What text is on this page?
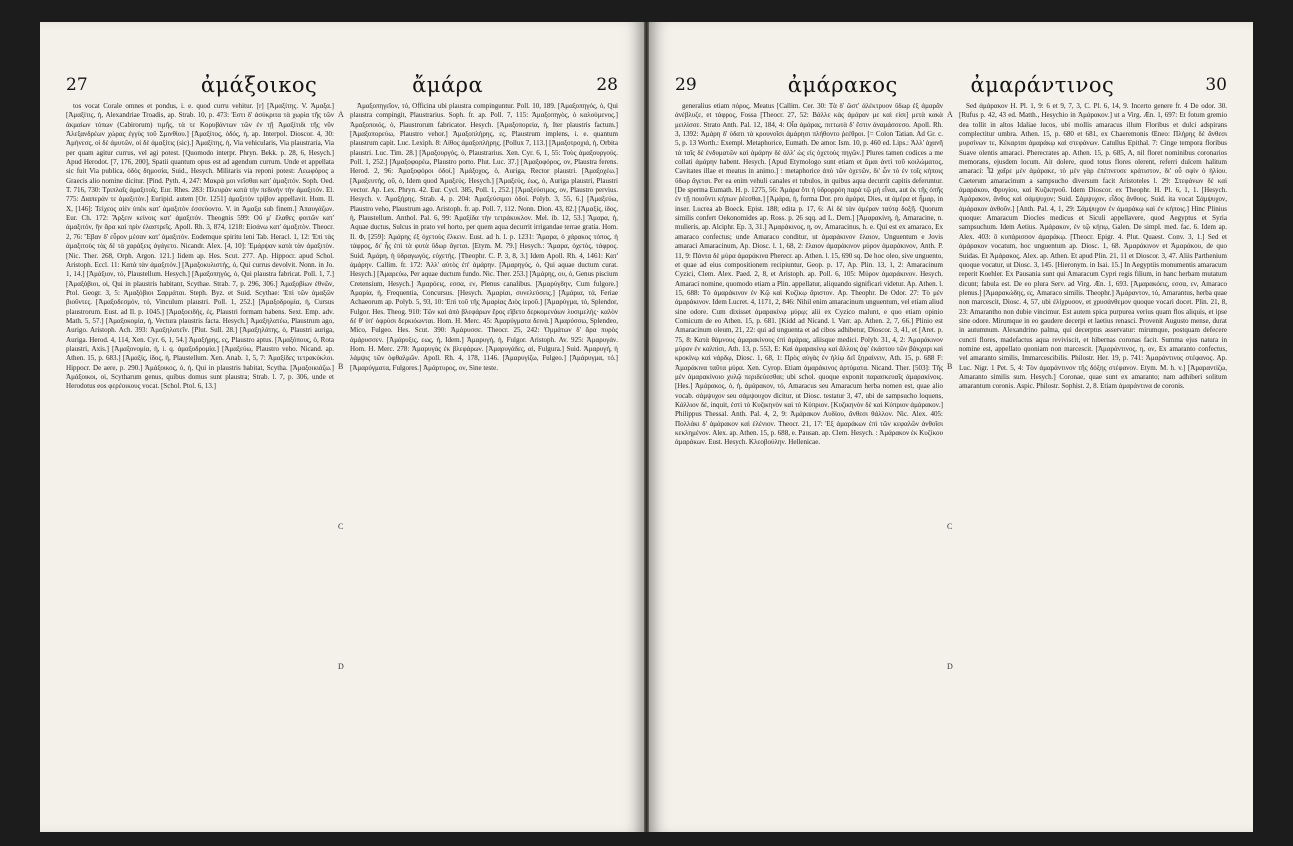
27	ἀμάξοικος	ἄμάρα	28

tos vocat Corale omnes et pondus, i. e. quod curru vehitur. [r] [Ἀμαξίτης. V. Ἀμαξα.] [Ἀμαξίτις, ἡ, Alexandriae Troadis, ap. Strab. 10, p. 473: Ἐστι δ' ἀσύκριτα τὰ χωρία τῆς τῶν ἀκμαίων τόπων (Cabirorum) τιμῆς, τὰ τε Κορυβάντων τῶν ἐν τῇ Ἀμαξίτιδι τῆς νῦν Ἀλεξανδρέων χώρας ἐγγὺς τοῦ Σμινθίου.] [Ἀμαξίτος, ὁδός, ἡ, ap. Interpol. Dioscor. 4, 30: Ἀμήνεσς, οἱ δὲ ἀμυτῶν, οἱ δὲ ἀμαξίτις (sic).] Ἀμαξίτης, ἡ, Via vehicularis, Via plaustraria, Via per quam agitur currus, vel agi potest. [Quomodo interpr. Phryn. Bekk. p. 28, 6, Hesych.] Apud Herodot. [7, 176, 200], Spatii quantum opus est ad agendum currum. Unde et appellata sic fuit Via publica, ὁδὸς δημοσία, Suid., Hesych. Militaris via reponi potest: Λεωφόρος a Graecis alio nomine dicitur. [Pind. Pyth. 4, 247: Μακρὰ μοι νεῖσθαι κατ' ἀμαξιτόν. Soph. Oed. T. 716, 730: Τριπλαῖς ἀμαξιτοῖς. Eur. Rhes. 283: Πλευρὰν κατὰ τὴν πεδινὴν τὴν ἀμαξιτόν. El. 775: Διαπεράν τε ἀμαξιτὸν.] Euripid. autem [Or. 1251] ἀμαξιτὸν τρίβον appellavit. Hom. Il. X, [146]: Τείχεος αἰὲν ὑπὲκ κατ' ἀμαξιτὸν ἐσσεύοντο. V. in Ἀμαξα sub finem.] Ἀπαυγάζων. Eur. Ch. 172: Ἄρξειν κείνοις κατ' ἀμαξιτόν. Theognis 599: Οὔ μ' ἔλαθες φοιτῶν κατ' ἀμαξιτόν, ἣν ἄρα καὶ πρὶν ἐλαστρεῖς. Apoll. Rh. 3, 874, 1218: Εἰσάνω κατ' ἀμαξιτὸν. Theocr. 2, 76: Ἔβαν δ' εὖρον μέσαν κατ' ἀμαξιτὸν. Eodemque spiritu leni Tab. Heracl. 1, 12: Ἐπὶ τὰς ἀμαξιτοὺς τὰς δὲ τὰ χαράξεις ἀγάγετο. Nicandr. Alex. [4, 10]: Ἐμάρψαν κατὰ τὰν ἀμαξιτὸν. [Nic. Ther. 268, Orph. Argon. 121.] Iidem ap. Hes. Scut. 277. Ap. Hippocr. apud Schol. Aristoph. Eccl. 11: Κατὰ τὰν ἀμαξιτόν.] [Ἀμαξοκυλιστής, ὁ, Qui currus devolvit. Nonn. in Jo. 1, 14.] [Ἀμάξιον, τό, Plaustellum. Hesych.] [Ἀμαξοπηγός, ὁ, Qui plaustra fabricat. Poll. 1, 7.] [Ἀμαξόβιοι, οἱ, Qui in plaustris habitant, Scythae. Strab. 7, p. 296, 306.] Ἀμαξοβίων ἐθνῶν, Ptol. Geogr. 3, 5: Ἀμαξόβιοι Σαρμάται. Steph. Byz. et Suid. Scythae: Ἐπὶ τῶν ἀμαξῶν βιοῦντες. [Ἀμαξοδεσμόν, τό, Vinculum plaustri. Poll. 1, 252.] [Ἀμαξοδρομία, ἡ, Cursus plaustrorum. Eust. ad Il. p. 1045.] [Ἀμαξοειδής, ές, Plaustri formam habens. Sext. Emp. adv. Math. 5, 57.] [Ἀμαξοκομία, ἡ, Vectura plaustris facta. Hesych.] Ἀμαξηλατέω, Plaustrum ago, Aurigo. Aristoph. Ach. 393: Ἀμαξηλατεῖν. [Plut. Sull. 28.] [Ἀμαξηλάτης, ὁ, Plaustri auriga, Auriga. Herod. 4, 114, Xen. Cyr. 6, 1, 54.] Ἀμαξήρης, ες, Plaustro aptus. [Ἀμαξόπους, ὁ, Rota plaustri, Axis.] [Ἀμαξονομία, ἡ, i. q. ἀμαξοδρομία.] [Ἀμαξεύω, Plaustro veho. Nicand. ap. Athen. 15, p. 683.] [Ἀμαξίς, ίδος, ἡ, Plaustellum. Xen. Anab. 1, 5, 7: Ἀμαξίδες τετρακύκλοι. Hippocr. De aere, p. 290.] Ἀμάξοικος, ὁ, ἡ, Qui in plaustris habitat, Scytha. [Ἀμαξοικιάζω.] Ἀμάξοικοι, οἱ, Scytharum genus, quibus domus sunt plaustra; Strab. l. 7, p. 306, unde et Herodotus eos φερέοικους vocat. [Schol. Ptol. 6, 13.]

A
B
C
D

Ἀμαξοπηγεῖον, τό, Officina ubi plaustra compinguntur. Poll. 10, 189. [Ἀμαξοπηγός, ὁ, Qui plaustra compingit, Plaustrarius. Soph. fr. ap. Poll. 7, 115: Ἀμαξοπηγὸς, ὁ καλούμενος.] Ἀμαξοποιός, ὁ, Plaustrorum fabricator. Hesych. [Ἀμαξοπορεία, ἡ, Iter plaustris factum.] [Ἀμαξοπορεύω, Plaustro vehor.] Ἀμαξοπλήρης, ες, Plaustrum implens, i. e. quantum plaustrum capit. Luc. Lexiph. 8: Λίθος ἀμαξοπλήρης. [Pollux 7, 113.] [Ἀμαξοτροχιά, ἡ, Orbita plaustri. Luc. Tim. 28.] [Ἀμαξουργός, ὁ, Plaustrarius. Xen. Cyr. 6, 1, 55: Τοὺς ἀμαξουργούς. Poll. 1, 252.] [Ἀμαξοφορέω, Plaustro porto. Plut. Luc. 37.] [Ἀμαξοφόρος, ον, Plaustra ferens. Herod. 2, 96: Ἀμαξοφόροι ὁδοί.] Ἀμάξοχος, ὁ, Auriga, Rector plaustri. [Ἀμαξοχέω.] [Ἀμαξευτής, οῦ, ὁ, Idem quod Ἀμαξεύς. Hesych.] [Ἀμαξεύς, έως, ὁ, Auriga plaustri, Plaustri vector. Ap. Lex. Phryn. 42. Eur. Cycl. 385, Poll. 1, 252.] [Ἀμαξεύσιμος, ον, Plaustro pervius. Hesych. v. Ἀμαξήρης. Strab. 4, p. 204: Ἀμαξεύσιμοι ὁδοί. Polyb. 3, 55, 6.] [Ἀμαξεύω, Plaustro veho, Plaustrum ago. Aristoph. fr. ap. Poll. 7, 112. Nonn. Dion. 43, 82.] [Ἀμαξίς, ίδος, ἡ, Plaustellum. Anthol. Pal. 6, 99: Ἀμαξίδα τὴν τετράκυκλον. Mel. ib. 12, 53.] Ἄμαρα, ἡ, Aquae ductus, Sulcus in prato vel horto, per quem aqua decurrit irrigandae terrae gratia. Hom. Il. Φ, [259]: Ἀμάρης ἐξ ὀχετοὺς ἕλκειν. Eust. ad h. l. p. 1231: Ἄμαρα, ὁ χάρακος τόπος, ἡ τάφρος, δι' ἧς ἐπὶ τὰ φυτὰ ὕδωρ ἄγεται. [Etym. M. 79.] Hesych.: Ἄμαρα, ὀχετὸς, τάφρος. Suid. Ἀμάρη, ἡ ὑδραγωγός, εὐχετής. [Theophr. C. P. 3, 8, 3.] Idem Apoll. Rh. 4, 1461: Κατ' ἀμάρην. Callim. fr. 172: Ἀλλ' αὐτὸς ἐπ' ἀμάρην. [Ἀμαρηγός, ὁ, Qui aquae ductum curat. Hesych.] [Ἀμαρεύω, Per aquae ductum fundo. Nic. Ther. 253.] [Ἀμάρης, ου, ὁ, Genus piscium Cretensium, Hesych.] Ἀμαρόεις, εσσα, εν, Plenus canalibus. [Ἀμαρύγδην, Cum fulgore.] Ἀμαρία, ἡ, Frequentia, Concursus. [Hesych. Ἀμαρίαι, συνελεύσεις.] [Ἀμάρια, τά, Feriae Achaeorum ap. Polyb. 5, 93, 10: Ἐπὶ τοῦ τῆς Ἀμαρίας Διὸς ἱεροῦ.] [Ἀμαρύγμα, τό, Splendor, Fulgor. Hes. Theog. 910: Τῶν καὶ ἀπὸ βλεφάρων ἔρος εἴβετο δερκομενάων λυσιμελής· καλὸν δέ θ' ὑπ' ὀφρύσι δερκιόωνται. Hom. H. Merc. 45: Ἀμαρύγματα δεινὰ.] Ἀμαρύσσω, Splendeo, Mico, Fulgeo. Hes. Scut. 390: Ἀμάρυσσε. Theocr. 25, 242: Ὀμμάτων δ' ἄρα πυρὸς ἀμάρυσσεν. [Ἀμάρυξις, εως, ἡ, Idem.] Ἀμαρυγή, ἡ, Fulgor. Aristoph. Av. 925: Ἀμαρυγάν. Hom. H. Merc. 278: Ἀμαρυγὰς ἐκ βλεφάρων. [Ἀμαρυγάδες, αἱ, Fulgura.] Suid. Ἀμαρυγή, ἡ λάμψις τῶν ὀφθαλμῶν. Apoll. Rh. 4, 178, 1146. [Ἀμαρυγίζω, Fulgeo.] [Ἀμάρυγμα, τό.] [Ἀμαρύγματα, Fulgores.] Ἀμάρτυρος, ον, Sine teste.

29	ἀμάρακος	ἀμαράντινος	30

generalius etiam πόρος, Meatus [Callim. Cer. 30: Τὰ δ' ὥστ' ἀλέκτρυον ὕδωρ ἐξ ἀμαρᾶν ἀνέβλυζε, et τάφρος, Fossa [Theocr. 27, 52: Βάλλε κὰς ἀμάραν με καὶ εἰσι] μετὰ κακὰ μειλίσσε. Strato Anth. Pal. 12, 184, 4: Οἷα ἀμάρας, πιττωτὰ δ' ἔστιν ἀναμάσσεσο. Apoll. Rh. 3, 1392: Ἀμάρη δ' ὑδατι τὰ κρουνοῖσι ἀμάρησι πλήθοντο ῥεέθροι. [= Colon Tatian. Ad Gr. c. 5, p. 13 Worth.: Exempl. Metaphorice, Eumath. De amor. Ism. 10, p. 460 ed. Lips.: Ἀλλ' ἀχανῆ τὰ ταῖς δὲ ἐνδυματῶν καὶ ἀμάρην δὲ ἀλλ' ὡς εἰς ὀχετοὺς πηγῶν.] Plures tamen codices a me collati ἀμάρην habent. Hesych. [Apud Etymologo sunt etiam et ἄμαι ἀντὶ τοῦ κοιλώματος, Cavitates illae et meatus in animo.] : metaphorice ἀπὸ τῶν ὀχετῶν, δι' ὧν τὸ ἐν τοῖς κήποις ὕδωρ ἄγεται. Per ea enim vehuli canales et tubulos, in quibus aqua decurrit capitis deferuntur. [De sperma Eumath. H. p. 1275, 56: Ἀμάρα ὅτι ἡ ὑδρορρόη παρὰ τῷ μὴ εἶναι, aut ἐκ τῆς ὀπῆς ἐν τῇ ποιοῦντι κήπων ῥέεσθαι.] [Ἀμάρα, ἡ, forma Dor. pro ἁμάρα, Dies, ut ἁμέρα et ἦμαρ, in inser. Lucrea ab Boeck. Epist. 188; edita p. 17, 6: Αἰ δὲ τὰν ἁμέραν ταύτᾳ δοξῆ. Quorum similis confert Oekonomides ap. Ross. p. 26 sqq. ad L. Dem.] [Ἀμαρακίνη, ἡ, Amaracine, n. mulieris, ap. Alciphr. Ep. 3, 31.] Ἀμαράκινος, η, ον, Amaracinus, h. e. Qui est ex amaraco, Ex amaraco confectus; unde Amaraco conditur, ut ἀμαράκινον ἔλαιον, Unguentum e Jovis amaraci Amaracinum, Ap. Diosc. l. 1, 68, 2: ἔλαιον ἀμαράκινον μύρον ἀμαράκινον, Anth. P. 11, 9: Πάντα δὲ μύρα ἀμαράκινα Pherecr. ap. Athen. l. 15, 690 sq. De hoc oleo, sive unguento, et quae ad eius compositionem recipiuntur, Geop. p. 17, Ap. Plin. 13, 1, 2: Amaracinum Cyzici, Clem. Alex. Paed. 2, 8, et Aristoph. ap. Poll. 6, 105: Μύρον ἀμαράκινον. Hesych. Amaraci nomine, quomodo etiam a Plin. appellatur, aliquando significari videtur. Ap. Athen. l. 15, 688: Τὸ ἀμαράκινον ἐν Κῷ καὶ Κυζίκῳ ἄριστον. Ap. Theophr. De Odor. 27: Τὸ μὲν ἀμαράκινον. Idem Lucret. 4, 1171, 2, 846: Nihil enim amaracinum unguentum, vel etiam aliud sine odore. Cum dixisset ἀμαρακίνῳ μύρῳ; alii ex Cyzico malunt, e quo etiam opinio Comicum de eo Athen. 15, p. 681. [Kidd ad Nicand. l. Varr. ap. Athen. 2, 7, 66.] Plinio est Amaracinum oleum, 21, 22: qui ad unguenta et ad cibos adhibetur, Dioscor. 3, 41, et [Aret. p. 75, 8: Κατὰ θάμνους ἀμαρακίνους ἐπὶ ἀμάρας, aliisque medici. Polyb. 31, 4, 2: Ἀμαράκινον μύρον ἐν καλπίσι, Ath. 13, p. 553, E: Καὶ ἀμαρακίνῳ καὶ ἄλλοις ἀφ' ἑκάστου τῶν βάκχαρι καὶ κροκίνῳ καὶ νάρδῳ, Diosc. 1, 68, 1: Πρὸς αὐγὰς ἐν ἡλίῳ δεῖ ξηραίνειν, Ath. 15, p. 688 F: Ἀμαράκινα ταῦτα μύρα. Xen. Cyrop. Etiam ἀμαράκινος ἀρτύματα. Nicand. Ther. [503]: Τῆς μὲν ἀμαρακίνοιο χυλῷ περιδεύεσθαι; ubi schol. quoque exponit παρασκευαῖς ἀμαρακίνοις. [Hes.] Ἀμάρακος, ὁ, ἡ, ἀμάρακον, τό, Amaracus seu Amaracum herba nomen est, quae alio vocab. σάμψυχον seu σάμψουχον dicitur, ut Diosc. testatur 3, 47, ubi de sampsucho loquens, Κάλλιον δέ, inquit, ἐστὶ τὸ Κυζικηνὸν καὶ τὸ Κύπριον. [Κυζικηνὸν δὲ καὶ Κύπριον ἀμάρακον.] Philippus Thessal. Anth. Pal. 4, 2, 9: Ἀμάρακον Λυδίου, ἄνθεσι θάλλον. Nic. Alex. 405: Πολλάκι δ' ἀμάρακον καὶ ἑλένιον. Theocr. 21, 17: Ἐξ ἀμαράκων ἐπὶ τῶν κεφαλῶν ἀνθοῖσι κεκλημένον. Alex. ap. Athen. 15, p. 688, e. Pausan. ap. Clem. Hesych. : Ἀμάρακον ἐκ Κυζίκου ἀμαράκων. Eust. Hesych. Κλεοβούλην. Hellenicae.

A
B
C
D

Sed ἀμάρακον H. Pl. 1, 9: 6 et 9, 7, 3, C. Pl. 6, 14, 9. Incerto genere fr. 4 De odor. 30. [Rufus p. 42, 43 ed. Matth., Hesychio in Ἀμάρακον.] ut a Virg. Æn. 1, 697: Et fotum gremio dea tollit in altos Idaliae lucos, ubi mollis amaracus illum Floribus et dulci adspirans complectitur umbra. Athen. 15, p. 680 et 681, ex Chaeremonis Œneo: Πλήρης δὲ ἄνθεσι μυρσίνων τε, Κέκαρται ἀμαράκῳ καὶ στεφάνων. Catullus Epithal. 7: Cinge tempora floribus Suave olentis amaraci. Pherecrates ap. Athen. 15, p. 685, A, nil floret nominibus coronarios memorans, ejusdem locum. Ait dolere, quod totus flores olerent, referri dulcem halitum amaraci: Ὦ χαῖρε μὲν ἀμάρακε, τὸ μὲν γὰρ ἐπέπνευσε κράτιστον, δι' οὗ σφὶν ὁ ἡλίου. Caeterum amaracinum a sampsucho diversum facit Aristoteles l. 29: Στεφάνων δὲ καὶ ἀμαράκου, Φρυγίου, καὶ Κυζικηνοῦ. Idem Dioscor. ex Theophr. H. Pl. 6, 1, 1. [Hesych. Ἀμάρακον, ἄνθος καὶ σάμψυχον; Suid. Σάμψυχον, εἶδος ἄνθους. Suid. ita vocat Σάμψυχον, ἀμάρακον ἀνθοῦν.] [Anth. Pal. 4, 1, 29: Σάμψυχον ἐν ἀμαράκῳ καὶ ἐν κήποις.] Hinc Plinius quoque: Amaracum Diocles medicus et Siculi appellavere, quod Aegyptus et Syria sampsuchum. Idem Aetius. Ἀμάρακον, ἐν τῷ κήπῳ, Galen. De simpl. med. fac. 6. Idem ap. Alex. 403: ὃ κυπάρισσον ἀμαράκῳ. [Theocr. Epigr. 4. Plut. Quaest. Conv. 3, 1.] Sed et ἀμάρακον vocatum, hoc unguentum ap. Diosc. 1, 68. Ἀμαράκινον et Ἀμαράκου, de quo Suidas. Et Ἀμάρακος, Alex. ap. Athen. Et apud Plin. 21, 11 et Dioscor. 3, 47. Aliis Parthenium quoque vocatur, ut Diosc. 3, 145. [Hieronym. in Isai. 15.] In Aegyptiis monumentis amaracum reperit Koehler. Ex Pausania sunt qui Amaracum Cypri regis filium, in hanc herbam mutatum dicunt; fabula est. De eo plura Serv. ad Virg. Æn. 1, 693. [Ἀμαρακόεις, εσσα, εν, Amaraco plenus.] [Ἀμαρακώδης, ες, Amaraco similis. Theophr.] Ἀμάραντον, τό, Amarantus, herba quae non marcescit, Diosc. 4, 57, ubi ἐλίχρυσον, et χρυσάνθεμον quoque vocari docet. Plin. 21, 8, 23: Amarantho non dubie vincimur. Est autem spica purpurea verius quam flos aliquis, et ipse sine odore. Mirumque in eo gaudere decerpi et laetius renasci. Provenit Augusto mense, durat in autumnum. Alexandrino palma, qui decerptus asservatur: mirumque, postquam defecere cuncti flores, madefactus aqua reviviscit, et hibernas coronas facit. Summa ejus natura in nomine est, appellato quoniam non marcescit. [Ἀμαράντινος, η, ον, Ex amaranto confectus, vel amaranto similis, Immarcescibilis. Philostr. Her. 19, p. 741: Ἀμαράντινος στέφανος. Ap. Luc. Nigr. 1 Pet. 5, 4: Τὸν ἀμαράντινον τῆς δόξης στέφανον. Etym. M. h. v.] [Ἀμαραντίζω, Amaranto similis sum. Hesych.] Coronae, quae sunt ex amaranto; nam adhiberi solitum amarantum coronis. Aspic. Philostr. Sophist. 2, 8. Etiam ἀμαράντινα de coronis.
